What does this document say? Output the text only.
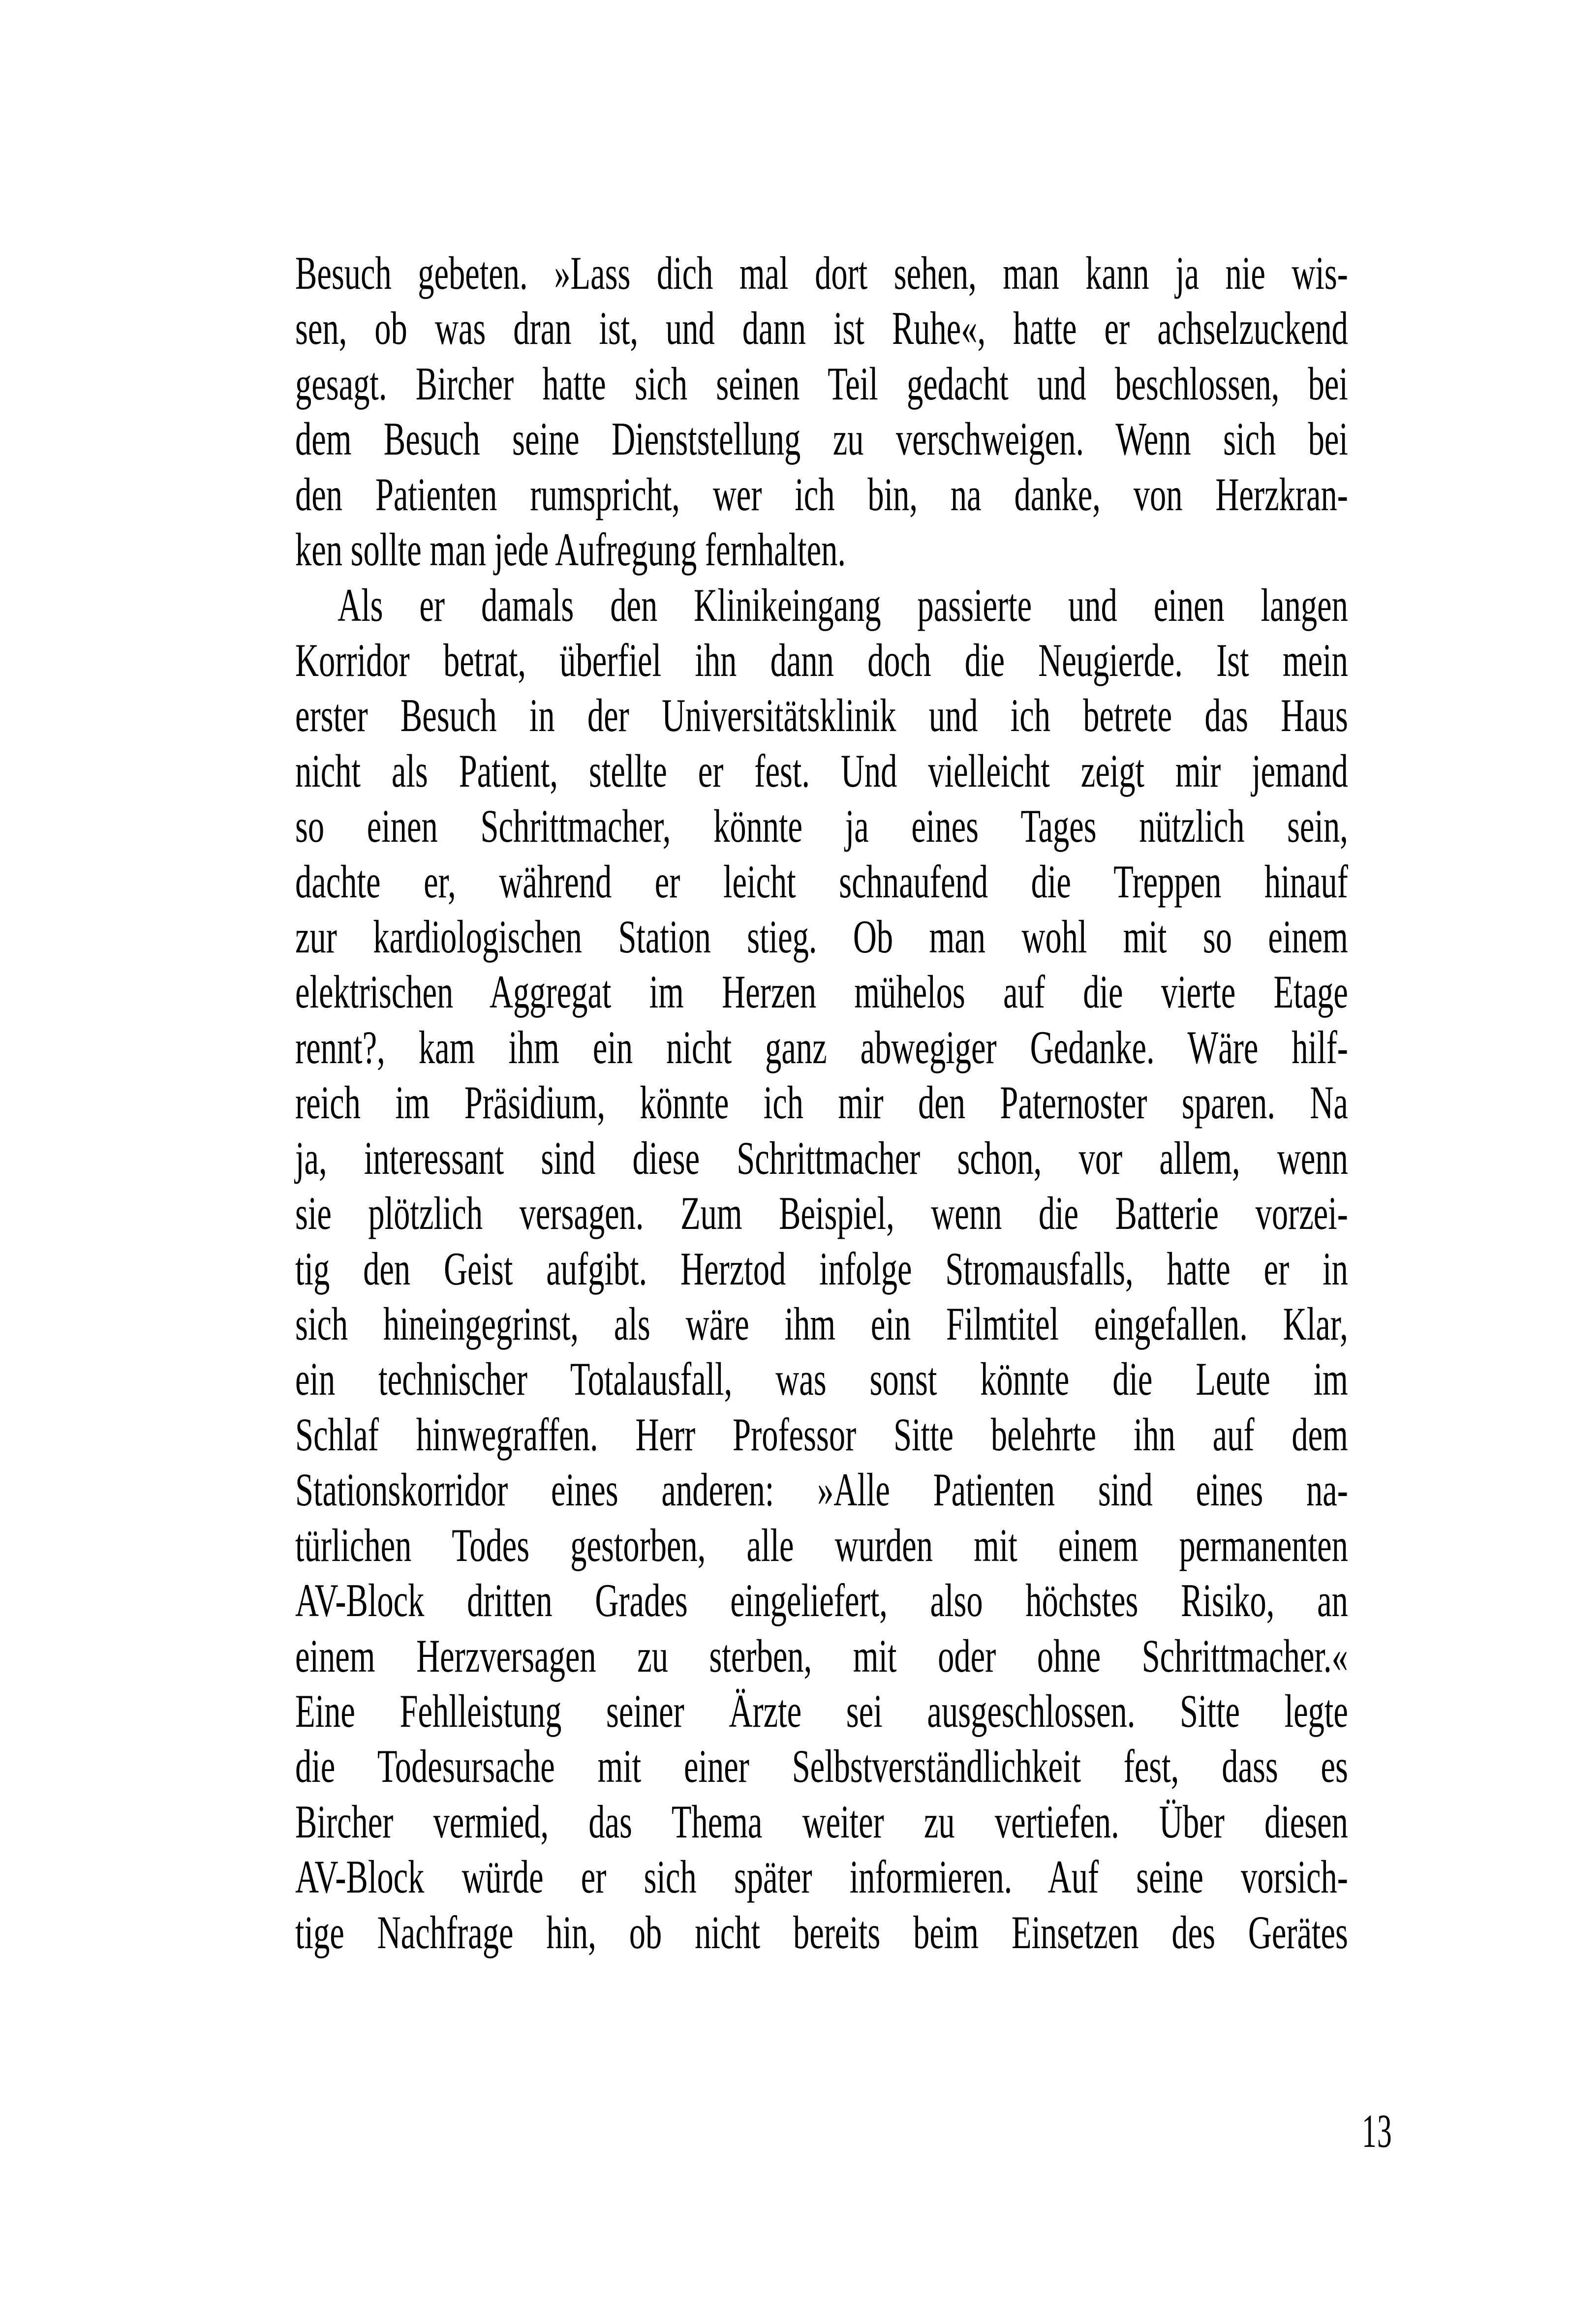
Besuch gebeten. »Lass dich mal dort sehen, man kann ja nie wis-
sen, ob was dran ist, und dann ist Ruhe«, hatte er achselzuckend
gesagt. Bircher hatte sich seinen Teil gedacht und beschlossen, bei
dem Besuch seine Dienststellung zu verschweigen. Wenn sich bei
den Patienten rumspricht, wer ich bin, na danke, von Herzkran-
ken sollte man jede Aufregung fernhalten.
Als er damals den Klinikeingang passierte und einen langen
Korridor betrat, überfiel ihn dann doch die Neugierde. Ist mein
erster Besuch in der Universitätsklinik und ich betrete das Haus
nicht als Patient, stellte er fest. Und vielleicht zeigt mir jemand
so einen Schrittmacher, könnte ja eines Tages nützlich sein,
dachte er, während er leicht schnaufend die Treppen hinauf
zur kardiologischen Station stieg. Ob man wohl mit so einem
elektrischen Aggregat im Herzen mühelos auf die vierte Etage
rennt?, kam ihm ein nicht ganz abwegiger Gedanke. Wäre hilf-
reich im Präsidium, könnte ich mir den Paternoster sparen. Na
ja, interessant sind diese Schrittmacher schon, vor allem, wenn
sie plötzlich versagen. Zum Beispiel, wenn die Batterie vorzei-
tig den Geist aufgibt. Herztod infolge Stromausfalls, hatte er in
sich hineingegrinst, als wäre ihm ein Filmtitel eingefallen. Klar,
ein technischer Totalausfall, was sonst könnte die Leute im
Schlaf hinwegraffen. Herr Professor Sitte belehrte ihn auf dem
Stationskorridor eines anderen: »Alle Patienten sind eines na-
türlichen Todes gestorben, alle wurden mit einem permanenten
AV-Block dritten Grades eingeliefert, also höchstes Risiko, an
einem Herzversagen zu sterben, mit oder ohne Schrittmacher.«
Eine Fehlleistung seiner Ärzte sei ausgeschlossen. Sitte legte
die Todesursache mit einer Selbstverständlichkeit fest, dass es
Bircher vermied, das Thema weiter zu vertiefen. Über diesen
AV-Block würde er sich später informieren. Auf seine vorsich-
tige Nachfrage hin, ob nicht bereits beim Einsetzen des Gerätes
13
